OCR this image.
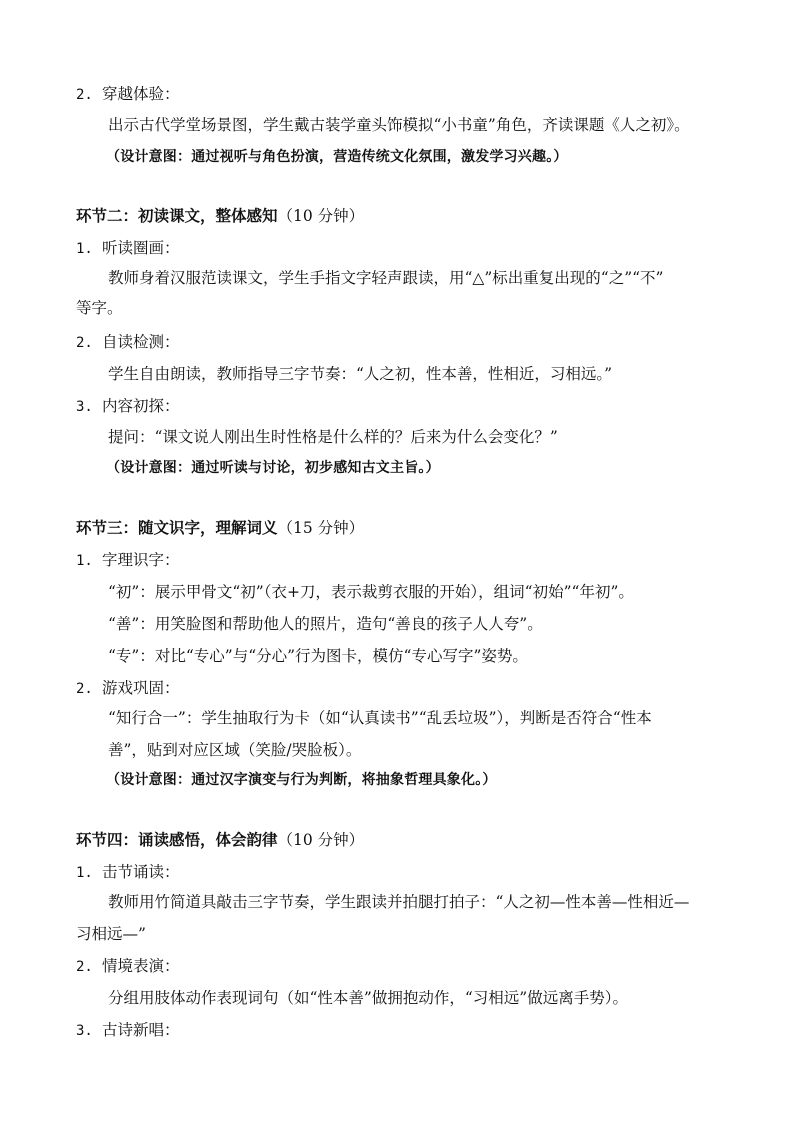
2. 穿越体验：
出示古代学堂场景图，学生戴古装学童头饰模拟“小书童”角色，齐读课题《人之初》。
（设计意图：通过视听与角色扮演，营造传统文化氛围，激发学习兴趣。）
环节二：初读课文，整体感知（10 分钟）
1. 听读圈画：
教师身着汉服范读课文，学生手指文字轻声跟读，用“△”标出重复出现的“之”“不”
等字。
2. 自读检测：
学生自由朗读，教师指导三字节奏：“人之初，性本善，性相近，习相远。”
3. 内容初探：
提问：“课文说人刚出生时性格是什么样的？后来为什么会变化？”
（设计意图：通过听读与讨论，初步感知古文主旨。）
环节三：随文识字，理解词义（15 分钟）
1. 字理识字：
“初”：展示甲骨文“初”（衣+刀，表示裁剪衣服的开始），组词“初始”“年初”。
“善”：用笑脸图和帮助他人的照片，造句“善良的孩子人人夸”。
“专”：对比“专心”与“分心”行为图卡，模仿“专心写字”姿势。
2. 游戏巩固：
“知行合一”：学生抽取行为卡（如“认真读书”“乱丢垃圾”），判断是否符合“性本
善”，贴到对应区域（笑脸/哭脸板）。
（设计意图：通过汉字演变与行为判断，将抽象哲理具象化。）
环节四：诵读感悟，体会韵律（10 分钟）
1. 击节诵读：
教师用竹简道具敲击三字节奏，学生跟读并拍腿打拍子：“人之初—性本善—性相近—
习相远—”
2. 情境表演：
分组用肢体动作表现词句（如“性本善”做拥抱动作，“习相远”做远离手势）。
3. 古诗新唱：
